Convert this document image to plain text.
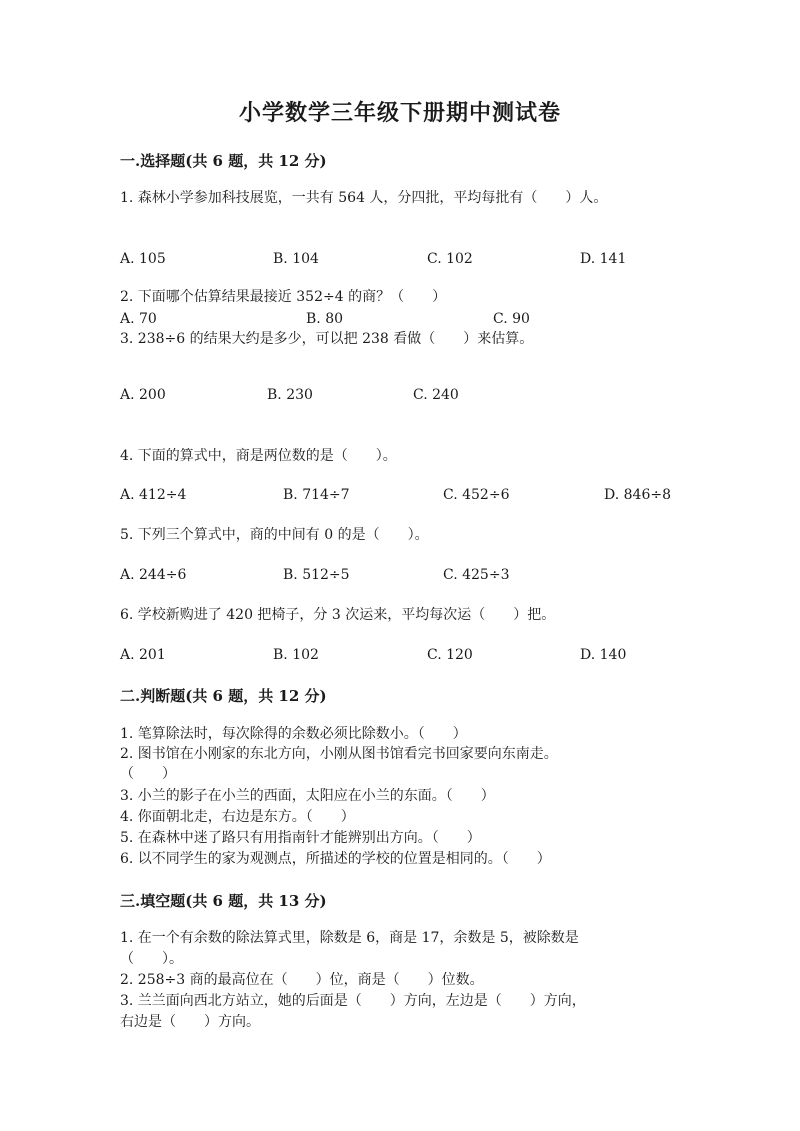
小学数学三年级下册期中测试卷
一.选择题(共 6 题，共 12 分)
1. 森林小学参加科技展览，一共有 564 人，分四批，平均每批有（　　）人。
A. 105	B. 104	C. 102	D. 141
2. 下面哪个估算结果最接近 352÷4 的商？（　　）
A. 70	B. 80	C. 90
3. 238÷6 的结果大约是多少，可以把 238 看做（　　）来估算。
A. 200	B. 230	C. 240
4. 下面的算式中，商是两位数的是（　　）。
A. 412÷4	B. 714÷7	C. 452÷6	D. 846÷8
5. 下列三个算式中，商的中间有 0 的是（　　）。
A. 244÷6	B. 512÷5	C. 425÷3
6. 学校新购进了 420 把椅子，分 3 次运来，平均每次运（　　）把。
A. 201	B. 102	C. 120	D. 140
二.判断题(共 6 题，共 12 分)
1. 笔算除法时，每次除得的余数必须比除数小。（　　）
2. 图书馆在小刚家的东北方向，小刚从图书馆看完书回家要向东南走。
（　　）
3. 小兰的影子在小兰的西面，太阳应在小兰的东面。（　　）
4. 你面朝北走，右边是东方。（　　）
5. 在森林中迷了路只有用指南针才能辨别出方向。（　　）
6. 以不同学生的家为观测点，所描述的学校的位置是相同的。（　　）
三.填空题(共 6 题，共 13 分)
1. 在一个有余数的除法算式里，除数是 6，商是 17，余数是 5，被除数是
（　　）。
2. 258÷3 商的最高位在（　　）位，商是（　　）位数。
3. 兰兰面向西北方站立，她的后面是（　　）方向，左边是（　　）方向，
右边是（　　）方向。
